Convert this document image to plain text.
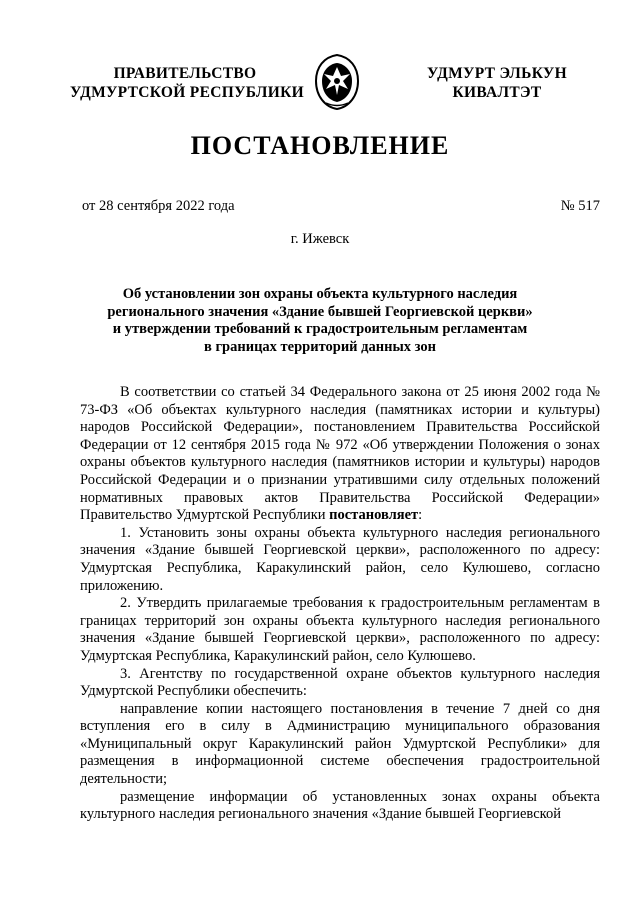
ПРАВИТЕЛЬСТВО
УДМУРТСКОЙ РЕСПУБЛИКИ
УДМУРТ ЭЛЬКУН
КИВАЛТЭТ
ПОСТАНОВЛЕНИЕ
от 28 сентября 2022 года	№ 517
г. Ижевск
Об установлении зон охраны объекта культурного наследия
регионального значения «Здание бывшей Георгиевской церкви»
и утверждении требований к градостроительным регламентам
в границах территорий данных зон

В соответствии со статьей 34 Федерального закона от 25 июня 2002 года № 73-ФЗ «Об объектах культурного наследия (памятниках истории и культуры) народов Российской Федерации», постановлением Правительства Российской Федерации от 12 сентября 2015 года № 972 «Об утверждении Положения о зонах охраны объектов культурного наследия (памятников истории и культуры) народов Российской Федерации и о признании утратившими силу отдельных положений нормативных правовых актов Правительства Российской Федерации» Правительство Удмуртской Республики постановляет:

1. Установить зоны охраны объекта культурного наследия регионального значения «Здание бывшей Георгиевской церкви», расположенного по адресу: Удмуртская Республика, Каракулинский район, село Кулюшево, согласно приложению.

2. Утвердить прилагаемые требования к градостроительным регламентам в границах территорий зон охраны объекта культурного наследия регионального значения «Здание бывшей Георгиевской церкви», расположенного по адресу: Удмуртская Республика, Каракулинский район, село Кулюшево.

3. Агентству по государственной охране объектов культурного наследия Удмуртской Республики обеспечить:

направление копии настоящего постановления в течение 7 дней со дня вступления его в силу в Администрацию муниципального образования «Муниципальный округ Каракулинский район Удмуртской Республики» для размещения в информационной системе обеспечения градостроительной деятельности;

размещение информации об установленных зонах охраны объекта культурного наследия регионального значения «Здание бывшей Георгиевской
